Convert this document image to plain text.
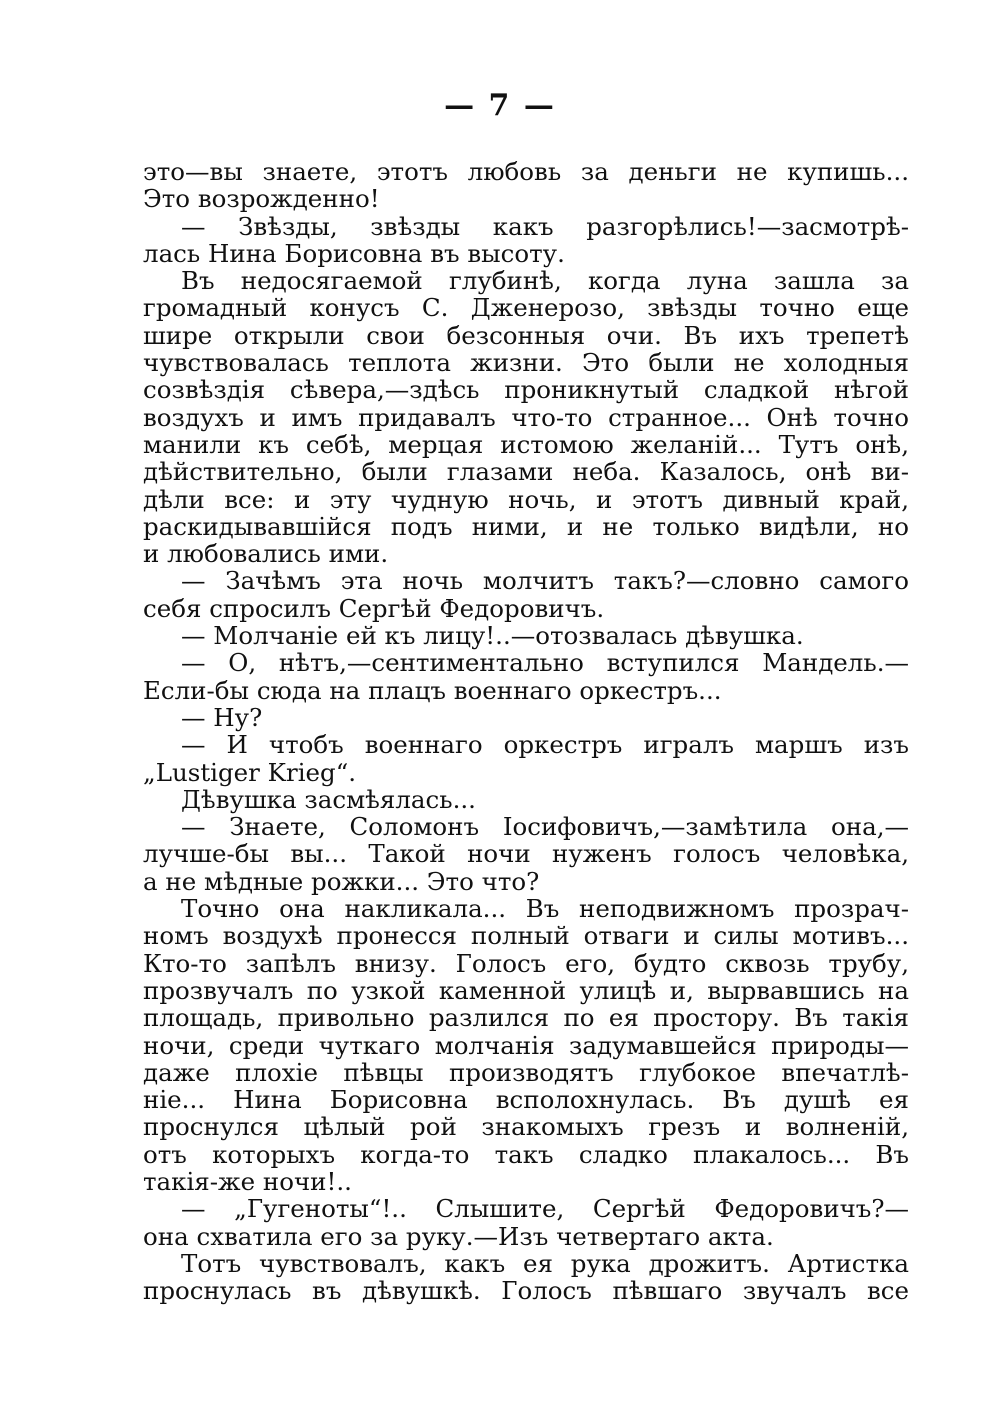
— 7 —
это—вы знаете, этотъ любовь за деньги не купишь...
Это возрожденно!
— Звѣзды, звѣзды какъ разгорѣлись!—засмотрѣ-
лась Нина Борисовна въ высоту.
Въ недосягаемой глубинѣ, когда луна зашла за
громадный конусъ С. Дженерозо, звѣзды точно еще
шире открыли свои безсонныя очи. Въ ихъ трепетѣ
чувствовалась теплота жизни. Это были не холодныя
созвѣздія сѣвера,—здѣсь проникнутый сладкой нѣгой
воздухъ и имъ придавалъ что-то странное... Онѣ точно
манили къ себѣ, мерцая истомою желаній... Тутъ онѣ,
дѣйствительно, были глазами неба. Казалось, онѣ ви-
дѣли все: и эту чудную ночь, и этотъ дивный край,
раскидывавшійся подъ ними, и не только видѣли, но
и любовались ими.
— Зачѣмъ эта ночь молчитъ такъ?—словно самого
себя спросилъ Сергѣй Федоровичъ.
— Молчаніе ей къ лицу!..—отозвалась дѣвушка.
— О, нѣтъ,—сентиментально вступился Мандель.—
Если-бы сюда на плацъ военнаго оркестръ...
— Ну?
— И чтобъ военнаго оркестръ игралъ маршъ изъ
„Lustiger Krieg“.
Дѣвушка засмѣялась...
— Знаете, Соломонъ Іосифовичъ,—замѣтила она,—
лучше-бы вы... Такой ночи нуженъ голосъ человѣка,
а не мѣдные рожки... Это что?
Точно она накликала... Въ неподвижномъ прозрач-
номъ воздухѣ пронесся полный отваги и силы мотивъ...
Кто-то запѣлъ внизу. Голосъ его, будто сквозь трубу,
прозвучалъ по узкой каменной улицѣ и, вырвавшись на
площадь, привольно разлился по ея простору. Въ такія
ночи, среди чуткаго молчанія задумавшейся природы—
даже плохіе пѣвцы производятъ глубокое впечатлѣ-
ніе... Нина Борисовна всполохнулась. Въ душѣ ея
проснулся цѣлый рой знакомыхъ грезъ и волненій,
отъ которыхъ когда-то такъ сладко плакалось... Въ
такія-же ночи!..
— „Гугеноты“!.. Слышите, Сергѣй Федоровичъ?—
она схватила его за руку.—Изъ четвертаго акта.
Тотъ чувствовалъ, какъ ея рука дрожитъ. Артистка
проснулась въ дѣвушкѣ. Голосъ пѣвшаго звучалъ все
